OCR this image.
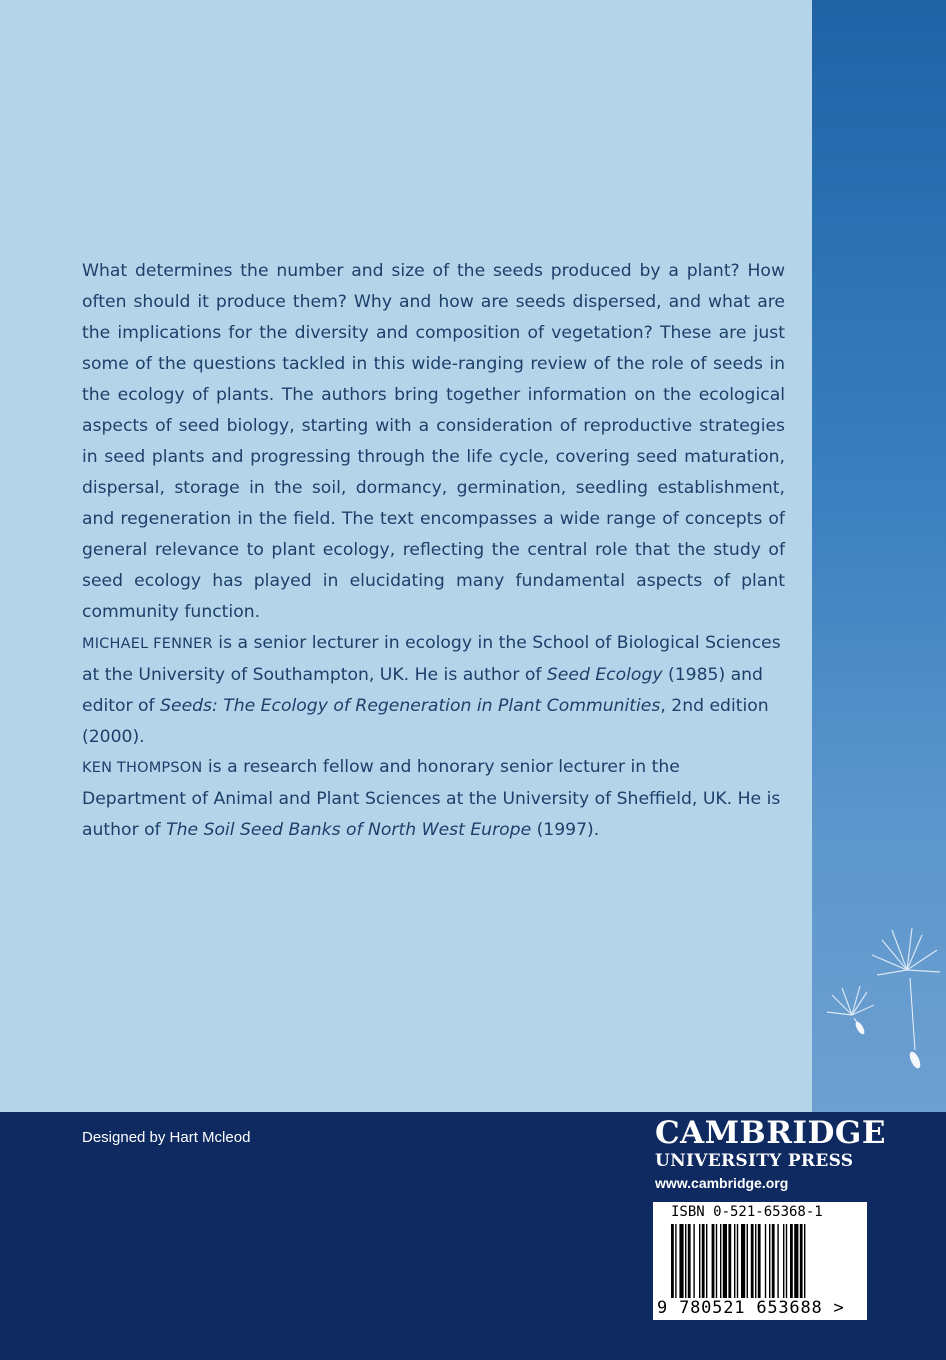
What determines the number and size of the seeds produced by a plant? How often should it produce them? Why and how are seeds dispersed, and what are the implications for the diversity and composition of vegetation? These are just some of the questions tackled in this wide-ranging review of the role of seeds in the ecology of plants. The authors bring together information on the ecological aspects of seed biology, starting with a consideration of reproductive strategies in seed plants and progressing through the life cycle, covering seed maturation, dispersal, storage in the soil, dormancy, germination, seedling establishment, and regeneration in the field. The text encompasses a wide range of concepts of general relevance to plant ecology, reflecting the central role that the study of seed ecology has played in elucidating many fundamental aspects of plant community function.

MICHAEL FENNER is a senior lecturer in ecology in the School of Biological Sciences at the University of Southampton, UK. He is author of Seed Ecology (1985) and editor of Seeds: The Ecology of Regeneration in Plant Communities, 2nd edition (2000).

KEN THOMPSON is a research fellow and honorary senior lecturer in the Department of Animal and Plant Sciences at the University of Sheffield, UK. He is author of The Soil Seed Banks of North West Europe (1997).

Designed by Hart Mcleod	CAMBRIDGE
UNIVERSITY PRESS
www.cambridge.org
ISBN 0-521-65368-1
9 780521 653688 >
